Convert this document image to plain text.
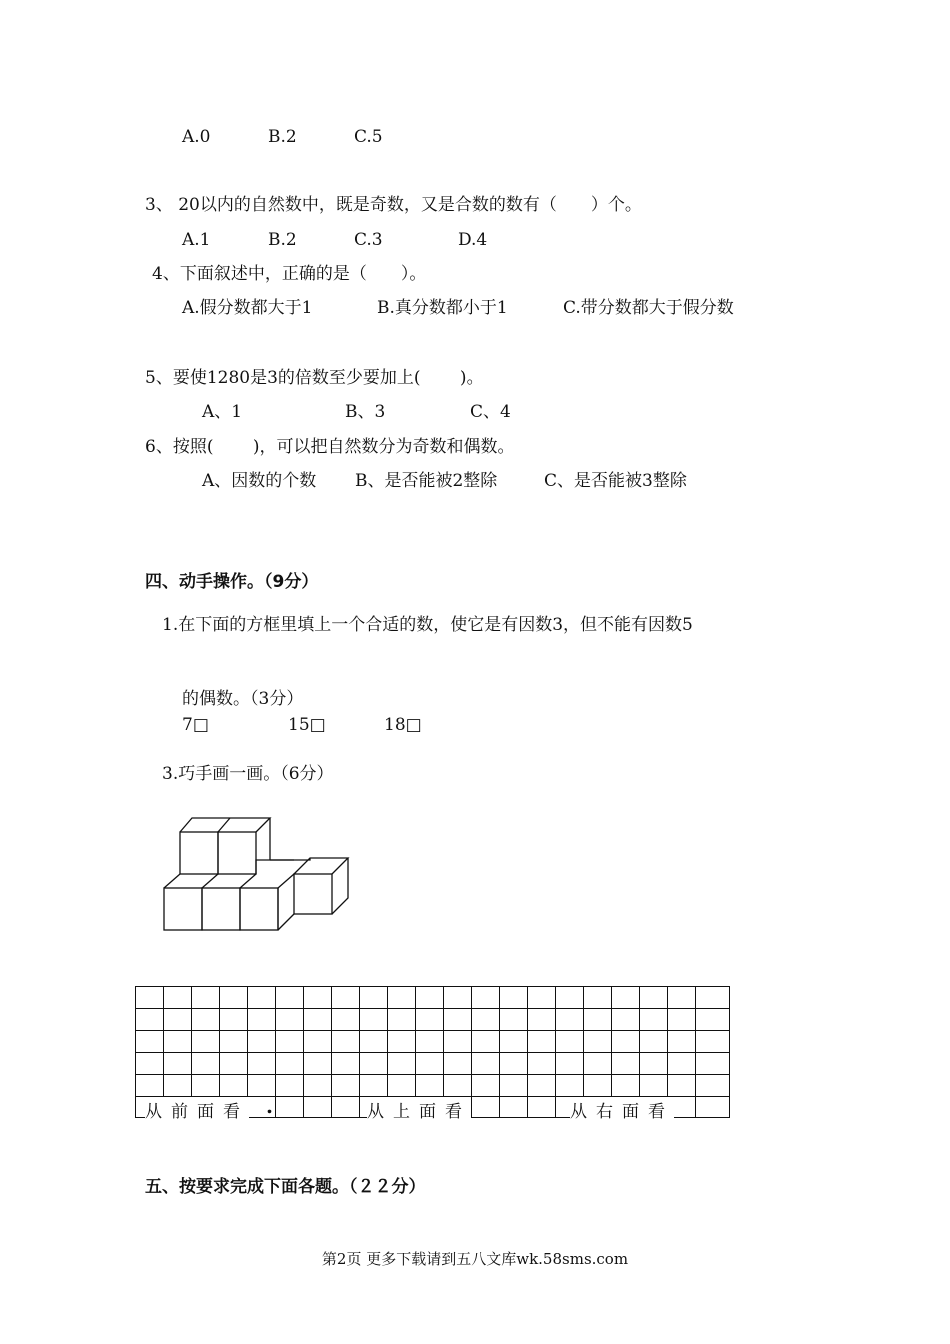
A.0	B.2	C.5
3、 20以内的自然数中，既是奇数，又是合数的数有（　　）个。
A.1	B.2	C.3	D.4
4、下面叙述中，正确的是（　　）。
A.假分数都大于1	B.真分数都小于1	C.带分数都大于假分数
5、要使1280是3的倍数至少要加上(　　 )。
A、1	B、3	C、4
6、按照(　　 )，可以把自然数分为奇数和偶数。
A、因数的个数 B、是否能被2整除	C、是否能被3整除
四、动手操作。（9分）
1.在下面的方框里填上一个合适的数，使它是有因数3，但不能有因数5
的偶数。（3分）
7□	15□	18□
3.巧手画一画。（6分）
从前面看 .	从上面看	从右面看
五、按要求完成下面各题。（２２分）
第2页 更多下载请到五八文库wk.58sms.com
